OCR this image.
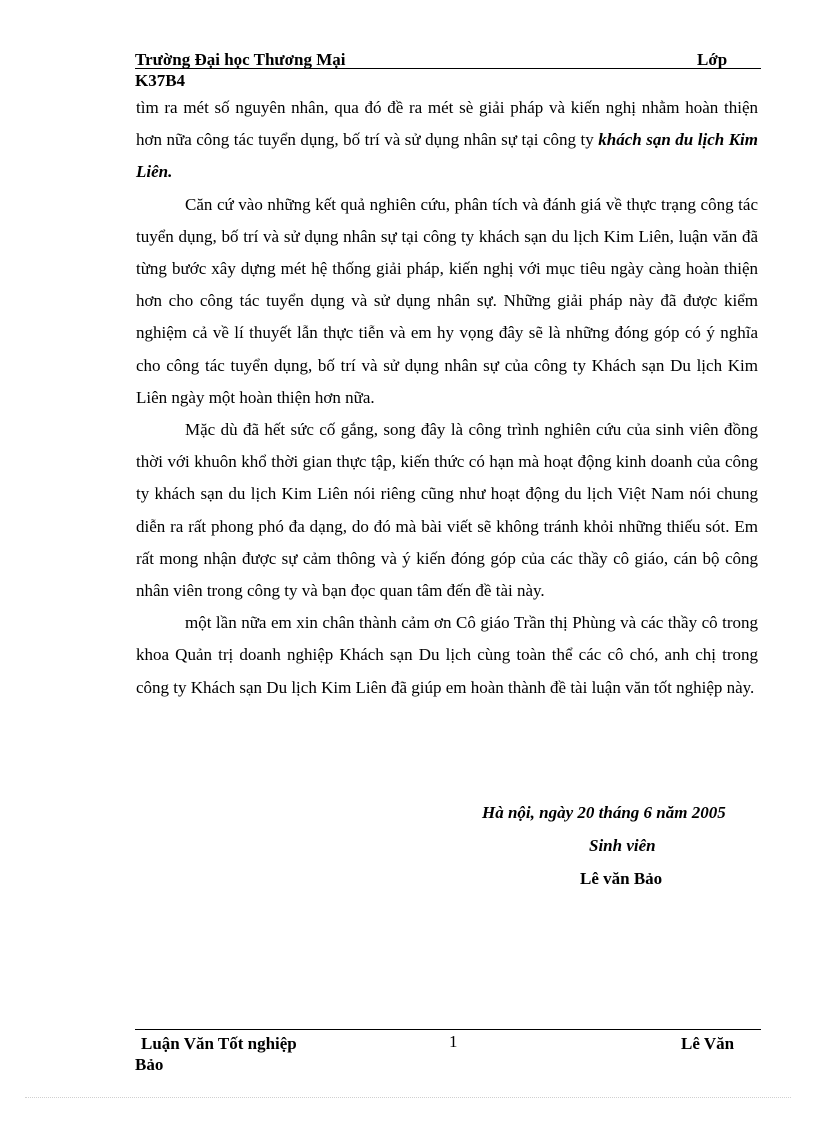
Trường Đại học Thương Mại	Lớp
K37B4

tìm ra mét số nguyên nhân, qua đó đề ra mét sè giải pháp và kiến nghị nhằm hoàn thiện hơn nữa công tác tuyển dụng, bố trí và sử dụng nhân sự tại công ty khách sạn du lịch Kim Liên.

Căn cứ vào những kết quả nghiên cứu, phân tích và đánh giá về thực trạng công tác tuyển dụng, bố trí và sử dụng nhân sự tại công ty khách sạn du lịch Kim Liên, luận văn đã từng bước xây dựng mét hệ thống giải pháp, kiến nghị với mục tiêu ngày càng hoàn thiện hơn cho công tác tuyển dụng và sử dụng nhân sự. Những giải pháp này đã được kiểm nghiệm cả về lí thuyết lẫn thực tiễn và em hy vọng đây sẽ là những đóng góp có ý nghĩa cho công tác tuyển dụng, bố trí và sử dụng nhân sự của công ty Khách sạn Du lịch Kim Liên ngày một hoàn thiện hơn nữa.

Mặc dù đã hết sức cố gắng, song đây là công trình nghiên cứu của sinh viên đồng thời với khuôn khổ thời gian thực tập, kiến thức có hạn mà hoạt động kinh doanh của công ty khách sạn du lịch Kim Liên nói riêng cũng như hoạt động du lịch Việt Nam nói chung diễn ra rất phong phó đa dạng, do đó mà bài viết sẽ không tránh khỏi những thiếu sót. Em rất mong nhận được sự cảm thông và ý kiến đóng góp của các thầy cô giáo, cán bộ công nhân viên trong công ty và bạn đọc quan tâm đến đề tài này.

một lần nữa em xin chân thành cảm ơn Cô giáo Trần thị Phùng và các thầy cô trong khoa Quản trị doanh nghiệp Khách sạn Du lịch cùng toàn thể các cô chó, anh chị trong công ty Khách sạn Du lịch Kim Liên đã giúp em hoàn thành đề tài luận văn tốt nghiệp này.

Hà nội, ngày 20 tháng 6 năm 2005
Sinh viên
Lê văn Bảo
Luận Văn Tốt nghiệp	1	Lê Văn
Bảo
